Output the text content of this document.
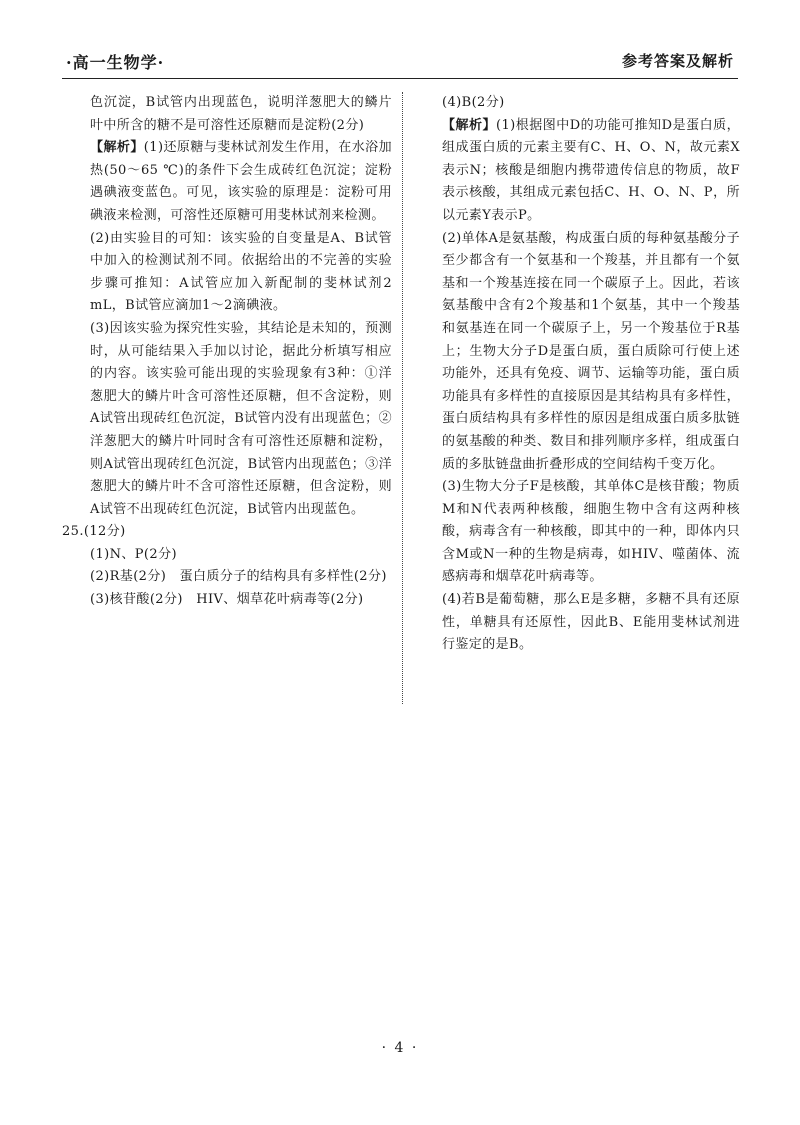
·高一生物学·	参考答案及解析

色沉淀，B试管内出现蓝色，说明洋葱肥大的鳞片叶中所含的糖不是可溶性还原糖而是淀粉(2分)

【解析】(1)还原糖与斐林试剂发生作用，在水浴加热(50～65 ℃)的条件下会生成砖红色沉淀；淀粉遇碘液变蓝色。可见，该实验的原理是：淀粉可用碘液来检测，可溶性还原糖可用斐林试剂来检测。

(2)由实验目的可知：该实验的自变量是A、B试管中加入的检测试剂不同。依据给出的不完善的实验步骤可推知：A试管应加入新配制的斐林试剂2 mL，B试管应滴加1～2滴碘液。

(3)因该实验为探究性实验，其结论是未知的，预测时，从可能结果入手加以讨论，据此分析填写相应的内容。该实验可能出现的实验现象有3种：①洋葱肥大的鳞片叶含可溶性还原糖，但不含淀粉，则A试管出现砖红色沉淀，B试管内没有出现蓝色；②洋葱肥大的鳞片叶同时含有可溶性还原糖和淀粉，则A试管出现砖红色沉淀，B试管内出现蓝色；③洋葱肥大的鳞片叶不含可溶性还原糖，但含淀粉，则A试管不出现砖红色沉淀，B试管内出现蓝色。

25.(12分)

(1)N、P(2分)

(2)R基(2分)　蛋白质分子的结构具有多样性(2分)

(3)核苷酸(2分)　HIV、烟草花叶病毒等(2分)

(4)B(2分)

【解析】(1)根据图中D的功能可推知D是蛋白质，组成蛋白质的元素主要有C、H、O、N，故元素X表示N；核酸是细胞内携带遗传信息的物质，故F表示核酸，其组成元素包括C、H、O、N、P，所以元素Y表示P。

(2)单体A是氨基酸，构成蛋白质的每种氨基酸分子至少都含有一个氨基和一个羧基，并且都有一个氨基和一个羧基连接在同一个碳原子上。因此，若该氨基酸中含有2个羧基和1个氨基，其中一个羧基和氨基连在同一个碳原子上，另一个羧基位于R基上；生物大分子D是蛋白质，蛋白质除可行使上述功能外，还具有免疫、调节、运输等功能，蛋白质功能具有多样性的直接原因是其结构具有多样性，蛋白质结构具有多样性的原因是组成蛋白质多肽链的氨基酸的种类、数目和排列顺序多样，组成蛋白质的多肽链盘曲折叠形成的空间结构千变万化。

(3)生物大分子F是核酸，其单体C是核苷酸；物质M和N代表两种核酸，细胞生物中含有这两种核酸，病毒含有一种核酸，即其中的一种，即体内只含M或N一种的生物是病毒，如HIV、噬菌体、流感病毒和烟草花叶病毒等。

(4)若B是葡萄糖，那么E是多糖，多糖不具有还原性，单糖具有还原性，因此B、E能用斐林试剂进行鉴定的是B。

· 4 ·
